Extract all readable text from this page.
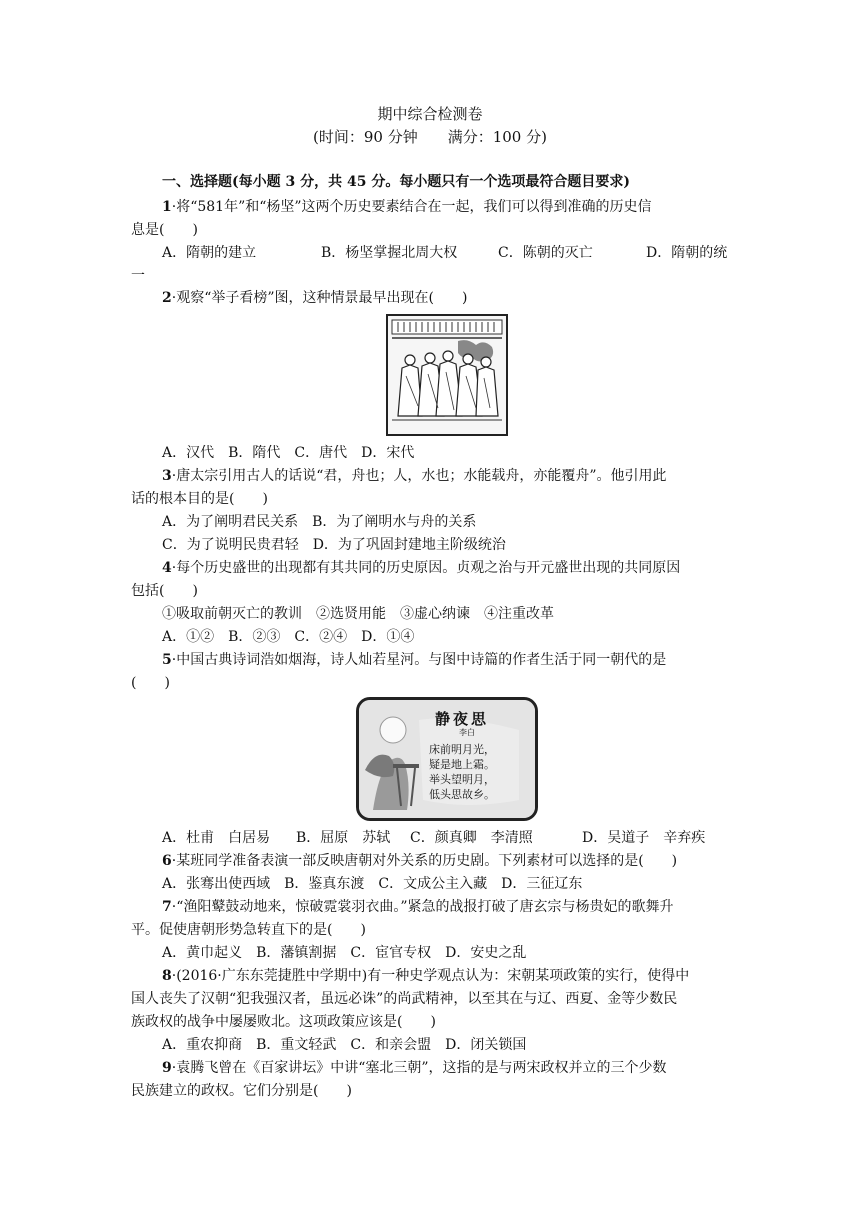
期中综合检测卷
(时间：90 分钟　　满分：100 分)
一、选择题(每小题 3 分，共 45 分。每小题只有一个选项最符合题目要求)
1·将“581年”和“杨坚”这两个历史要素结合在一起，我们可以得到准确的历史信
息是(　　)
A．隋朝的建立	B．杨坚掌握北周大权	C．陈朝的灭亡	D．隋朝的统
一
2·观察“举子看榜”图，这种情景最早出现在(　　)
A．汉代　B．隋代　C．唐代　D．宋代
3·唐太宗引用古人的话说“君，舟也；人，水也；水能载舟，亦能覆舟”。他引用此
话的根本目的是(　　)
A．为了阐明君民关系　B．为了阐明水与舟的关系
C．为了说明民贵君轻　D．为了巩固封建地主阶级统治
4·每个历史盛世的出现都有其共同的历史原因。贞观之治与开元盛世出现的共同原因
包括(　　)
①吸取前朝灭亡的教训　②选贤用能　③虚心纳谏　④注重改革
A．①②　B．②③　C．②④　D．①④
5·中国古典诗词浩如烟海，诗人灿若星河。与图中诗篇的作者生活于同一朝代的是
(　　)
静夜思
李白
床前明月光，
疑是地上霜。
举头望明月，
低头思故乡。
A．杜甫　白居易 B．屈原　苏轼 C．颜真卿　李清照	D．吴道子　辛弃疾
6·某班同学准备表演一部反映唐朝对外关系的历史剧。下列素材可以选择的是(　　)
A．张骞出使西域　B．鉴真东渡　C．文成公主入藏　D．三征辽东
7·“渔阳鼙鼓动地来，惊破霓裳羽衣曲。”紧急的战报打破了唐玄宗与杨贵妃的歌舞升
平。促使唐朝形势急转直下的是(　　)
A．黄巾起义　B．藩镇割据　C．宦官专权　D．安史之乱
8·(2016·广东东莞捷胜中学期中)有一种史学观点认为：宋朝某项政策的实行，使得中
国人丧失了汉朝“犯我强汉者，虽远必诛”的尚武精神，以至其在与辽、西夏、金等少数民
族政权的战争中屡屡败北。这项政策应该是(　　)
A．重农抑商　B．重文轻武　C．和亲会盟　D．闭关锁国
9·袁腾飞曾在《百家讲坛》中讲“塞北三朝”，这指的是与两宋政权并立的三个少数
民族建立的政权。它们分别是(　　)
